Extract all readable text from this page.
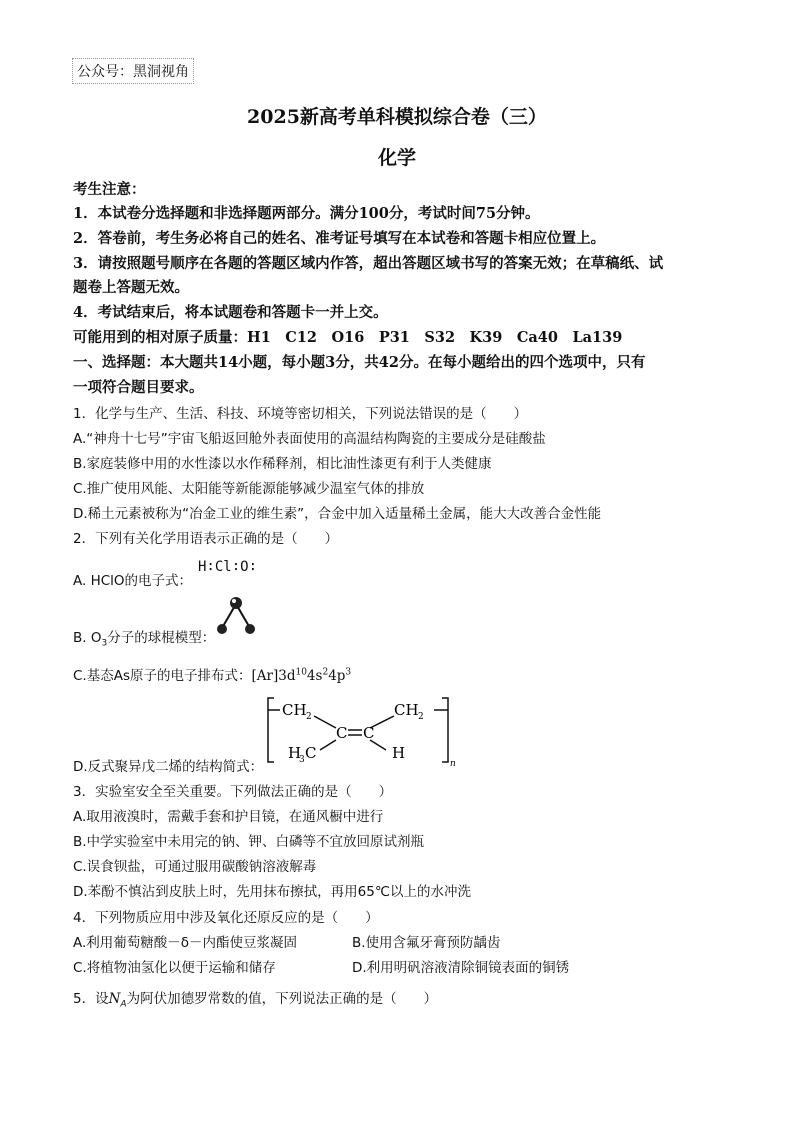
公众号：黑洞视角
2025新高考单科模拟综合卷（三）
化学
考生注意：
1．本试卷分选择题和非选择题两部分。满分100分，考试时间75分钟。
2．答卷前，考生务必将自己的姓名、准考证号填写在本试卷和答题卡相应位置上。
3．请按照题号顺序在各题的答题区域内作答，超出答题区域书写的答案无效；在草稿纸、试
题卷上答题无效。
4．考试结束后，将本试题卷和答题卡一并上交。
可能用到的相对原子质量：H1　C12　O16　P31　S32　K39　Ca40　La139
一、选择题：本大题共14小题，每小题3分，共42分。在每小题给出的四个选项中，只有
一项符合题目要求。
1．化学与生产、生活、科技、环境等密切相关，下列说法错误的是（　　）
A.“神舟十七号”宇宙飞船返回舱外表面使用的高温结构陶瓷的主要成分是硅酸盐
B.家庭装修中用的水性漆以水作稀释剂，相比油性漆更有利于人类健康
C.推广使用风能、太阳能等新能源能够减少温室气体的排放
D.稀土元素被称为“冶金工业的维生素”，合金中加入适量稀土金属，能大大改善合金性能
2．下列有关化学用语表示正确的是（　　）
A. HClO的电子式：
H∶Cl∶O∶
B. $O_3$分子的球棍模型：
C.基态As原子的电子排布式：$[Ar]3d^{10}4s^24p^3$
D.反式聚异戊二烯的结构简式：
CH 2	CH 2
C C
H
3 C	H
n
3．实验室安全至关重要。下列做法正确的是（　　）
A.取用液溴时，需戴手套和护目镜，在通风橱中进行
B.中学实验室中未用完的钠、钾、白磷等不宜放回原试剂瓶
C.误食钡盐，可通过服用碳酸钠溶液解毒
D.苯酚不慎沾到皮肤上时，先用抹布擦拭，再用65℃以上的水冲洗
4．下列物质应用中涉及氧化还原反应的是（　　）
A.利用葡萄糖酸－δ－内酯使豆浆凝固	B.使用含氟牙膏预防龋齿
C.将植物油氢化以便于运输和储存	D.利用明矾溶液清除铜镜表面的铜锈
5．设$N_A$为阿伏加德罗常数的值，下列说法正确的是（　　）
